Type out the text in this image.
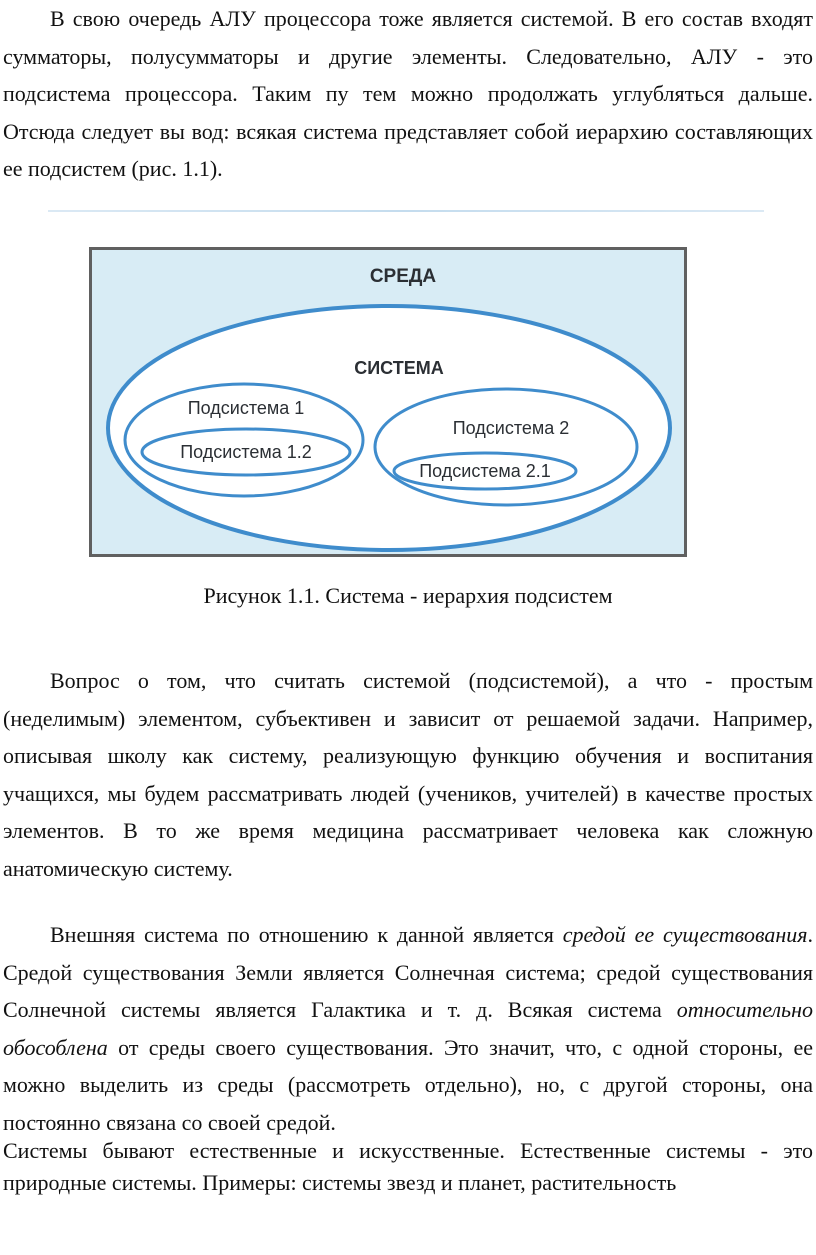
В свою очередь АЛУ процессора тоже является системой. В его состав входят сумматоры, полусумматоры и другие элементы. Следовательно, АЛУ - это подсистема процессора. Таким пу тем можно продолжать углубляться дальше. Отсюда следует вы вод: всякая система представляет собой иерархию составляющих ее подсистем (рис. 1.1).

СРЕДА
СИСТЕМА
Подсистема 1
Подсистема 1.2
Подсистема 2
Подсистема 2.1

Рисунок 1.1. Система - иерархия подсистем

Вопрос о том, что считать системой (подсистемой), а что - простым (неделимым) элементом, субъективен и зависит от решаемой задачи. Например, описывая школу как систему, реализующую функцию обучения и воспитания учащихся, мы будем рассматривать людей (учеников, учителей) в качестве простых элементов. В то же время медицина рассматривает человека как сложную анатомическую систему.

Внешняя система по отношению к данной является средой ее существования. Средой существования Земли является Солнечная система; средой существования Солнечной системы является Галактика и т. д. Всякая система относительно обособлена от среды своего существования. Это значит, что, с одной стороны, ее можно выделить из среды (рассмотреть отдельно), но, с другой стороны, она постоянно связана со своей средой.

Системы бывают естественные и искусственные. Естественные системы - это природные системы. Примеры: системы звезд и планет, растительность
